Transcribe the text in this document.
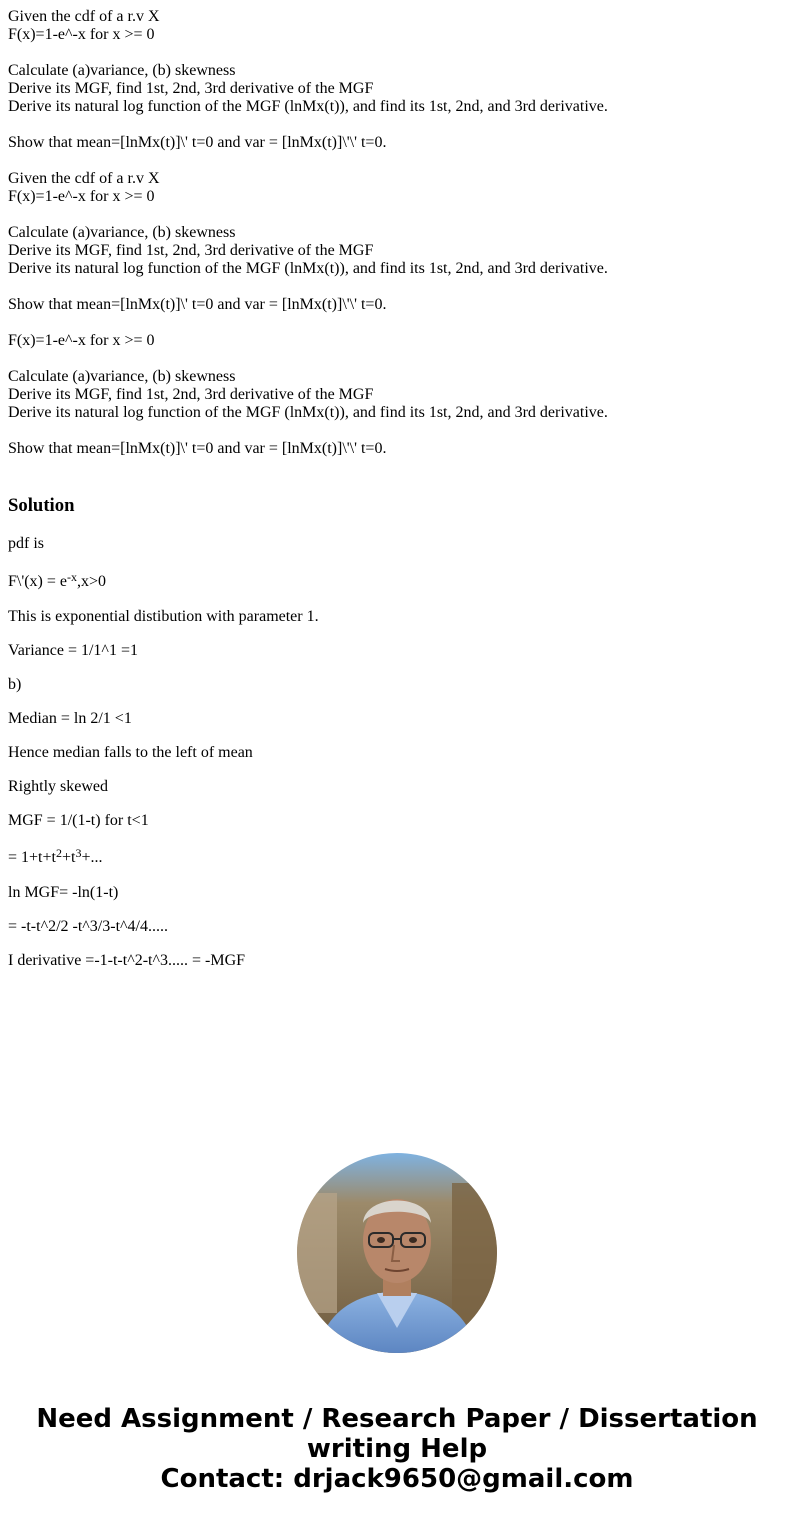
Given the cdf of a r.v X
F(x)=1-e^-x for x >= 0
Calculate (a)variance, (b) skewness
Derive its MGF, find 1st, 2nd, 3rd derivative of the MGF
Derive its natural log function of the MGF (lnMx(t)), and find its 1st, 2nd, and 3rd derivative.
Show that mean=[lnMx(t)]\' t=0 and var = [lnMx(t)]\'\' t=0.
Given the cdf of a r.v X
F(x)=1-e^-x for x >= 0
Calculate (a)variance, (b) skewness
Derive its MGF, find 1st, 2nd, 3rd derivative of the MGF
Derive its natural log function of the MGF (lnMx(t)), and find its 1st, 2nd, and 3rd derivative.
Show that mean=[lnMx(t)]\' t=0 and var = [lnMx(t)]\'\' t=0.
F(x)=1-e^-x for x >= 0
Calculate (a)variance, (b) skewness
Derive its MGF, find 1st, 2nd, 3rd derivative of the MGF
Derive its natural log function of the MGF (lnMx(t)), and find its 1st, 2nd, and 3rd derivative.
Show that mean=[lnMx(t)]\' t=0 and var = [lnMx(t)]\'\' t=0.
Solution

pdf is

F\'(x) = $e^{-x},x>0$

This is exponential distibution with parameter 1.

Variance = 1/1^1 =1

b)

Median = ln 2/1 <1

Hence median falls to the left of mean

Rightly skewed

MGF = 1/(1-t) for t<1

= $1+t+t^2+t^3+$...

ln MGF= -ln(1-t)

= -t-t^2/2 -t^3/3-t^4/4.....

I derivative =-1-t-t^2-t^3..... = -MGF

Need Assignment / Research Paper / Dissertation
writing Help
Contact: drjack9650@gmail.com
